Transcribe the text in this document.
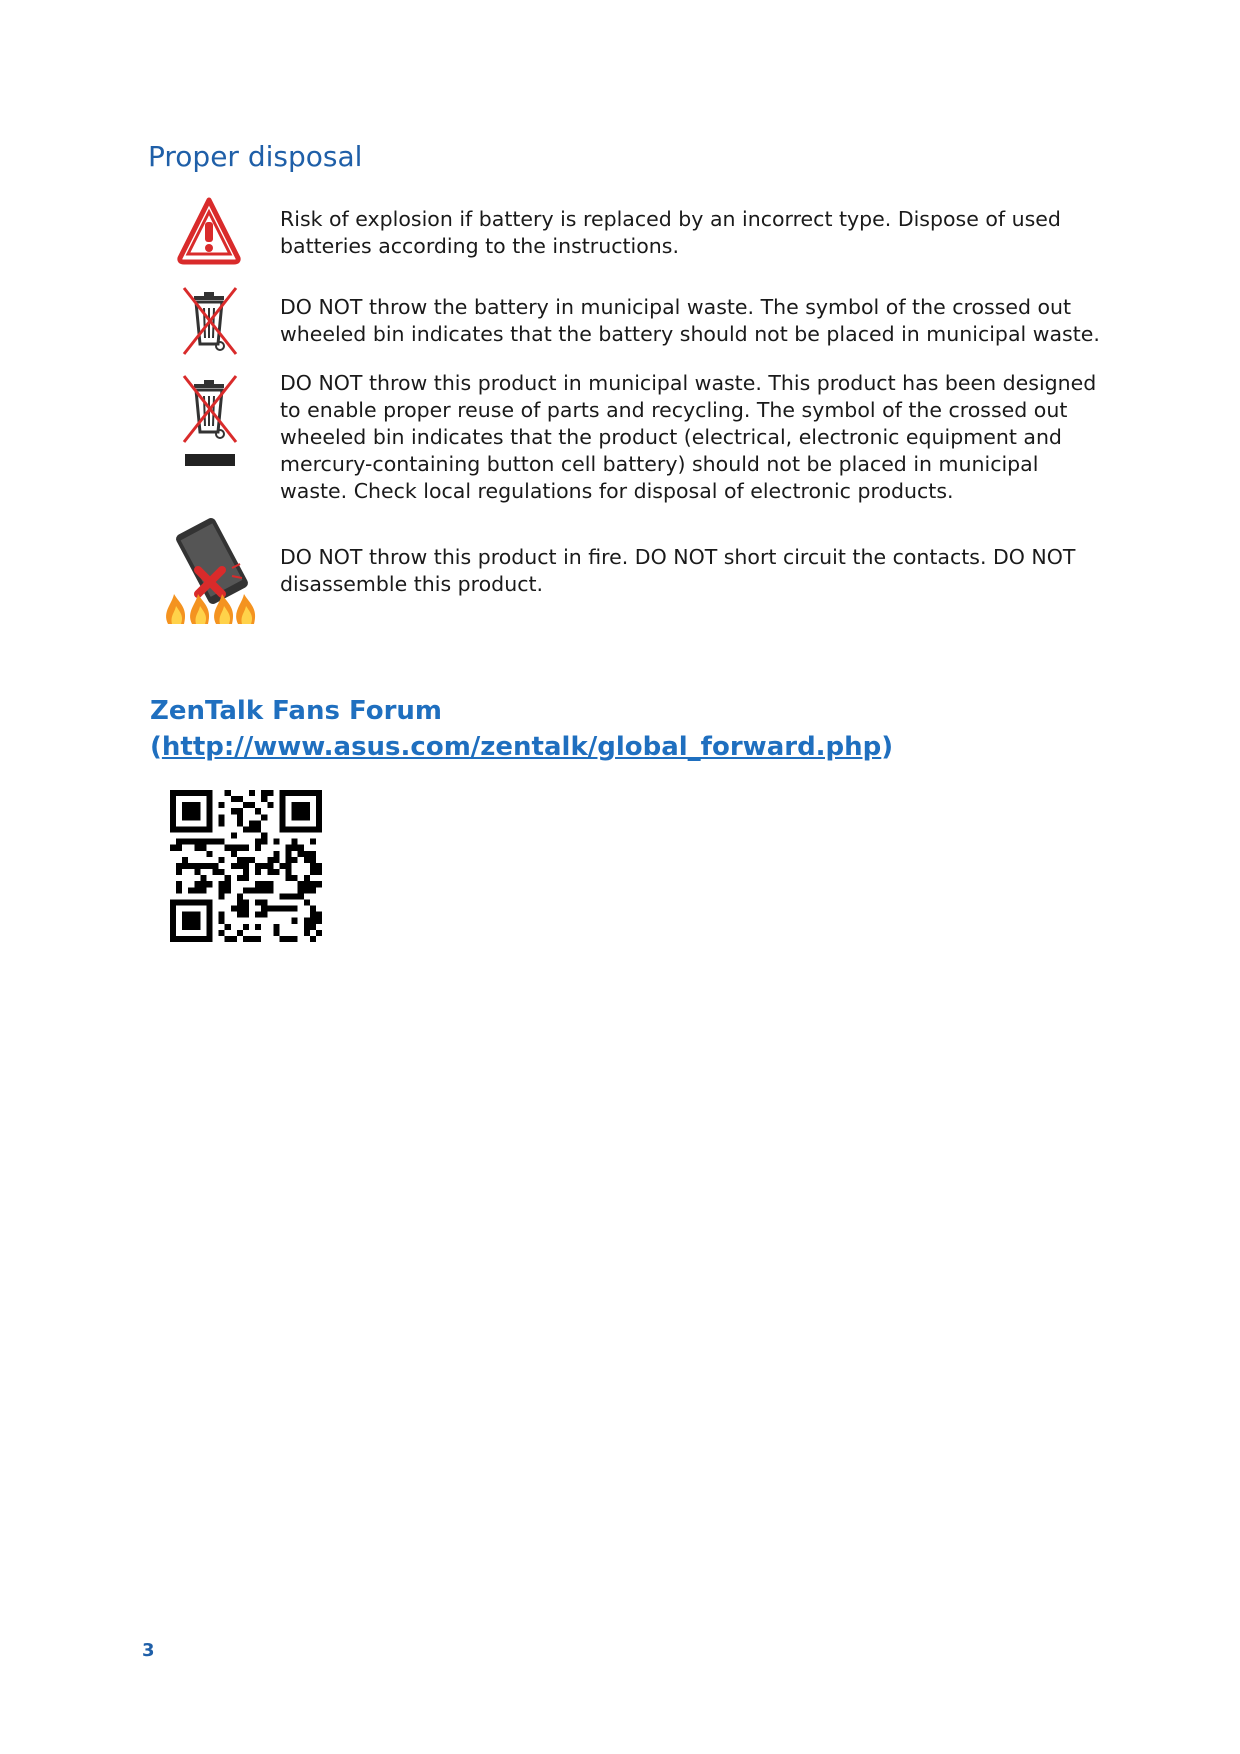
Proper disposal
Risk of explosion if battery is replaced by an incorrect type. Dispose of used batteries according to the instructions.
DO NOT throw the battery in municipal waste. The symbol of the crossed out wheeled bin indicates that the battery should not be placed in municipal waste.
DO NOT throw this product in municipal waste. This product has been designed to enable proper reuse of parts and recycling. The symbol of the crossed out wheeled bin indicates that the product (electrical, electronic equipment and mercury-containing button cell battery) should not be placed in municipal waste. Check local regulations for disposal of electronic products.
DO NOT throw this product in fire. DO NOT short circuit the contacts. DO NOT disassemble this product.
ZenTalk Fans Forum
(http://www.asus.com/zentalk/global_forward.php)
3
